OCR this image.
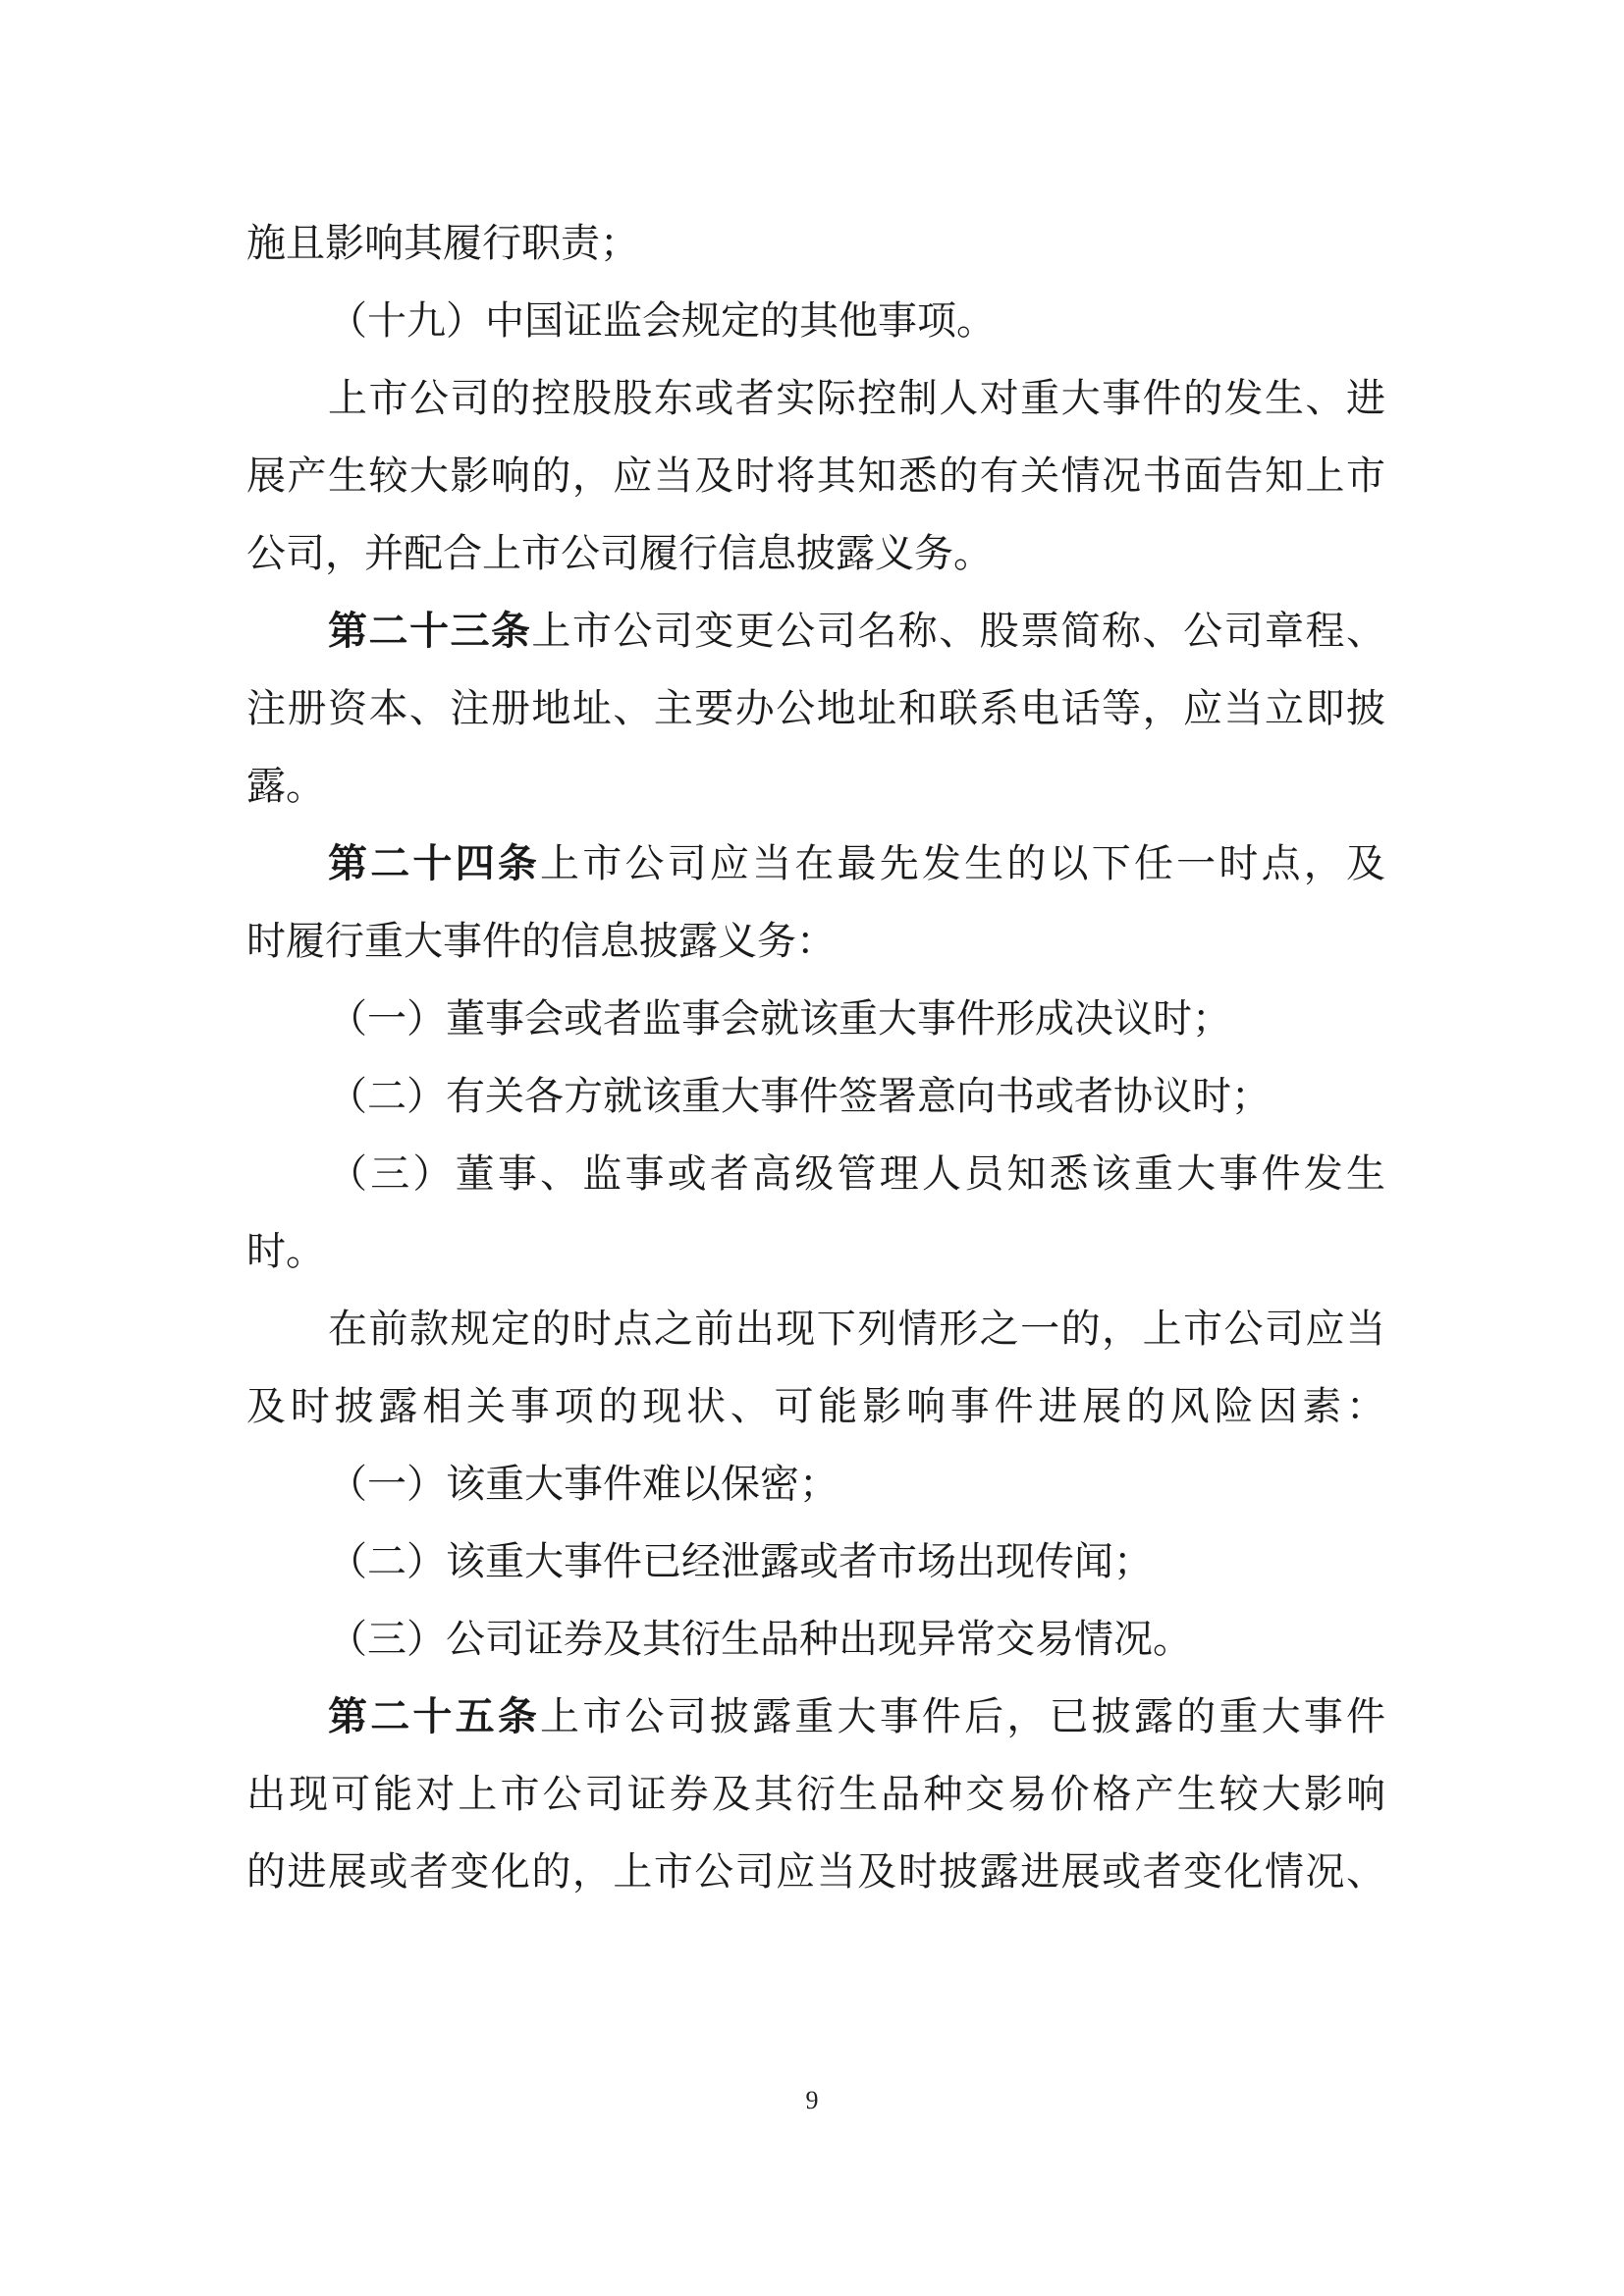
施且影响其履行职责；
（十九）中国证监会规定的其他事项。
上市公司的控股股东或者实际控制人对重大事件的发生、进
展产生较大影响的，应当及时将其知悉的有关情况书面告知上市
公司，并配合上市公司履行信息披露义务。
第二十三条上市公司变更公司名称、股票简称、公司章程、
注册资本、注册地址、主要办公地址和联系电话等，应当立即披
露。
第二十四条上市公司应当在最先发生的以下任一时点，及
时履行重大事件的信息披露义务：
（一）董事会或者监事会就该重大事件形成决议时；
（二）有关各方就该重大事件签署意向书或者协议时；
（三）董事、监事或者高级管理人员知悉该重大事件发生
时。
在前款规定的时点之前出现下列情形之一的，上市公司应当
及时披露相关事项的现状、可能影响事件进展的风险因素：
（一）该重大事件难以保密；
（二）该重大事件已经泄露或者市场出现传闻；
（三）公司证券及其衍生品种出现异常交易情况。
第二十五条上市公司披露重大事件后，已披露的重大事件
出现可能对上市公司证券及其衍生品种交易价格产生较大影响
的进展或者变化的，上市公司应当及时披露进展或者变化情况、
9
